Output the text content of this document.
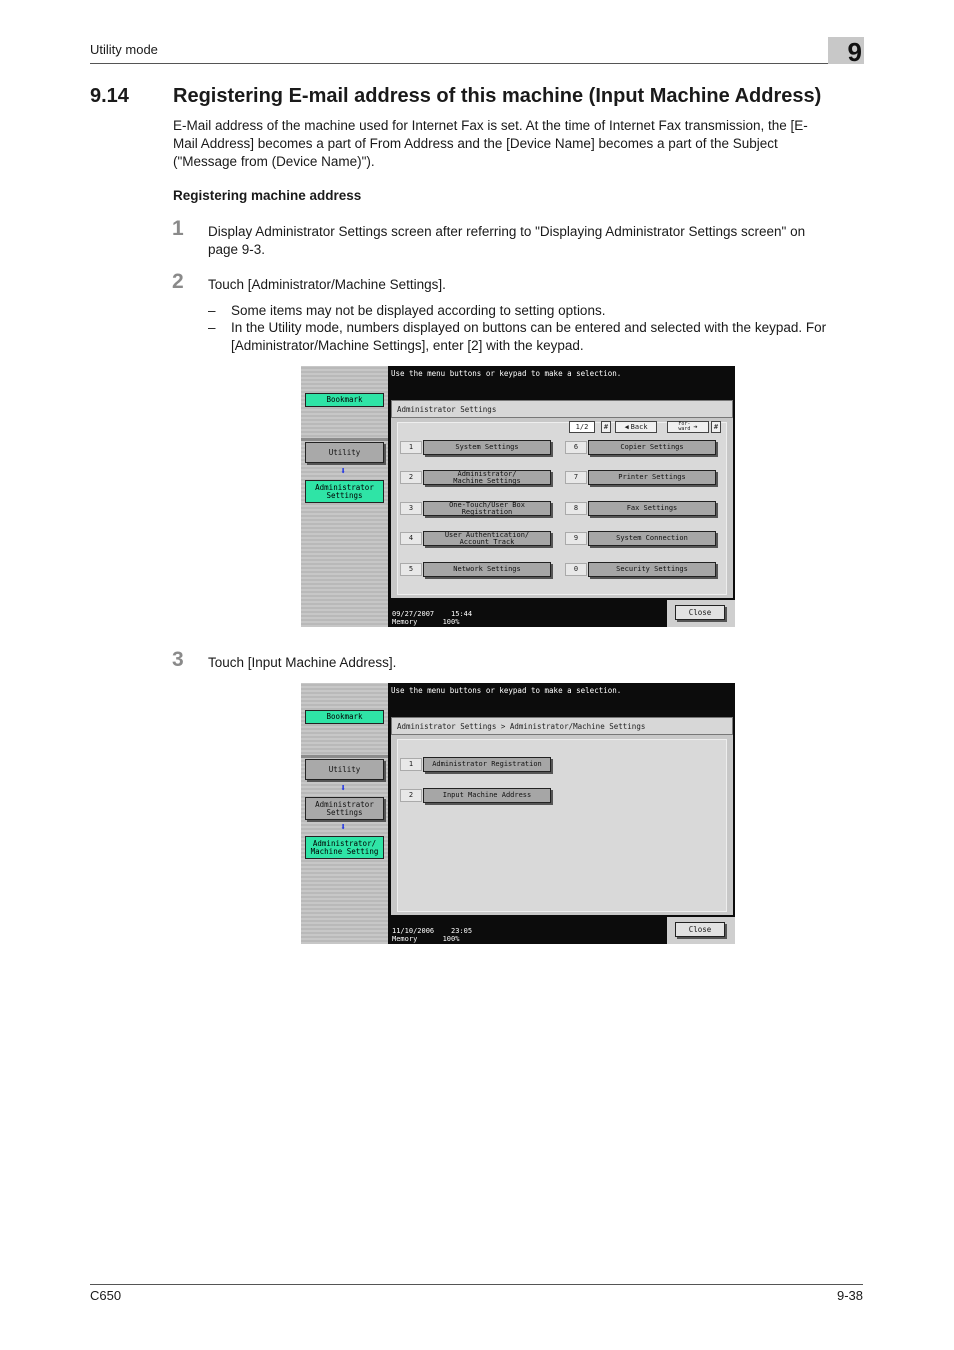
Utility mode	9
9.14 Registering E-mail address of this machine (Input Machine Address)
E-Mail address of the machine used for Internet Fax is set. At the time of Internet Fax transmission, the [E-
Mail Address] becomes a part of From Address and the [Device Name] becomes a part of the Subject
("Message from (Device Name)").
Registering machine address
1 Display Administrator Settings screen after referring to "Displaying Administrator Settings screen" on
page 9-3.
2 Touch [Administrator/Machine Settings].
– Some items may not be displayed according to setting options.
– In the Utility mode, numbers displayed on buttons can be entered and selected with the keypad. For
[Administrator/Machine Settings], enter [2] with the keypad.
Bookmark
Utility
⬇
Administrator
Settings
Use the menu buttons or keypad to make a selection.
Administrator Settings
1/2	#	◀ Back	For-
ward ➔	#
1	System Settings
2	Administrator/
Machine Settings
3	One-Touch/User Box
Registration
4	User Authentication/
Account Track
5	Network Settings
6	Copier Settings
7	Printer Settings
8	Fax Settings
9	System Connection
0	Security Settings
09/27/2007 15:44
Memory	100%
Close
3 Touch [Input Machine Address].
Bookmark
Utility
⬇
Administrator
Settings
⬇
Administrator/
Machine Setting
Use the menu buttons or keypad to make a selection.
Administrator Settings > Administrator/Machine Settings
1	Administrator Registration
2	Input Machine Address
11/10/2006 23:05
Memory	100%
Close
C650	9-38
